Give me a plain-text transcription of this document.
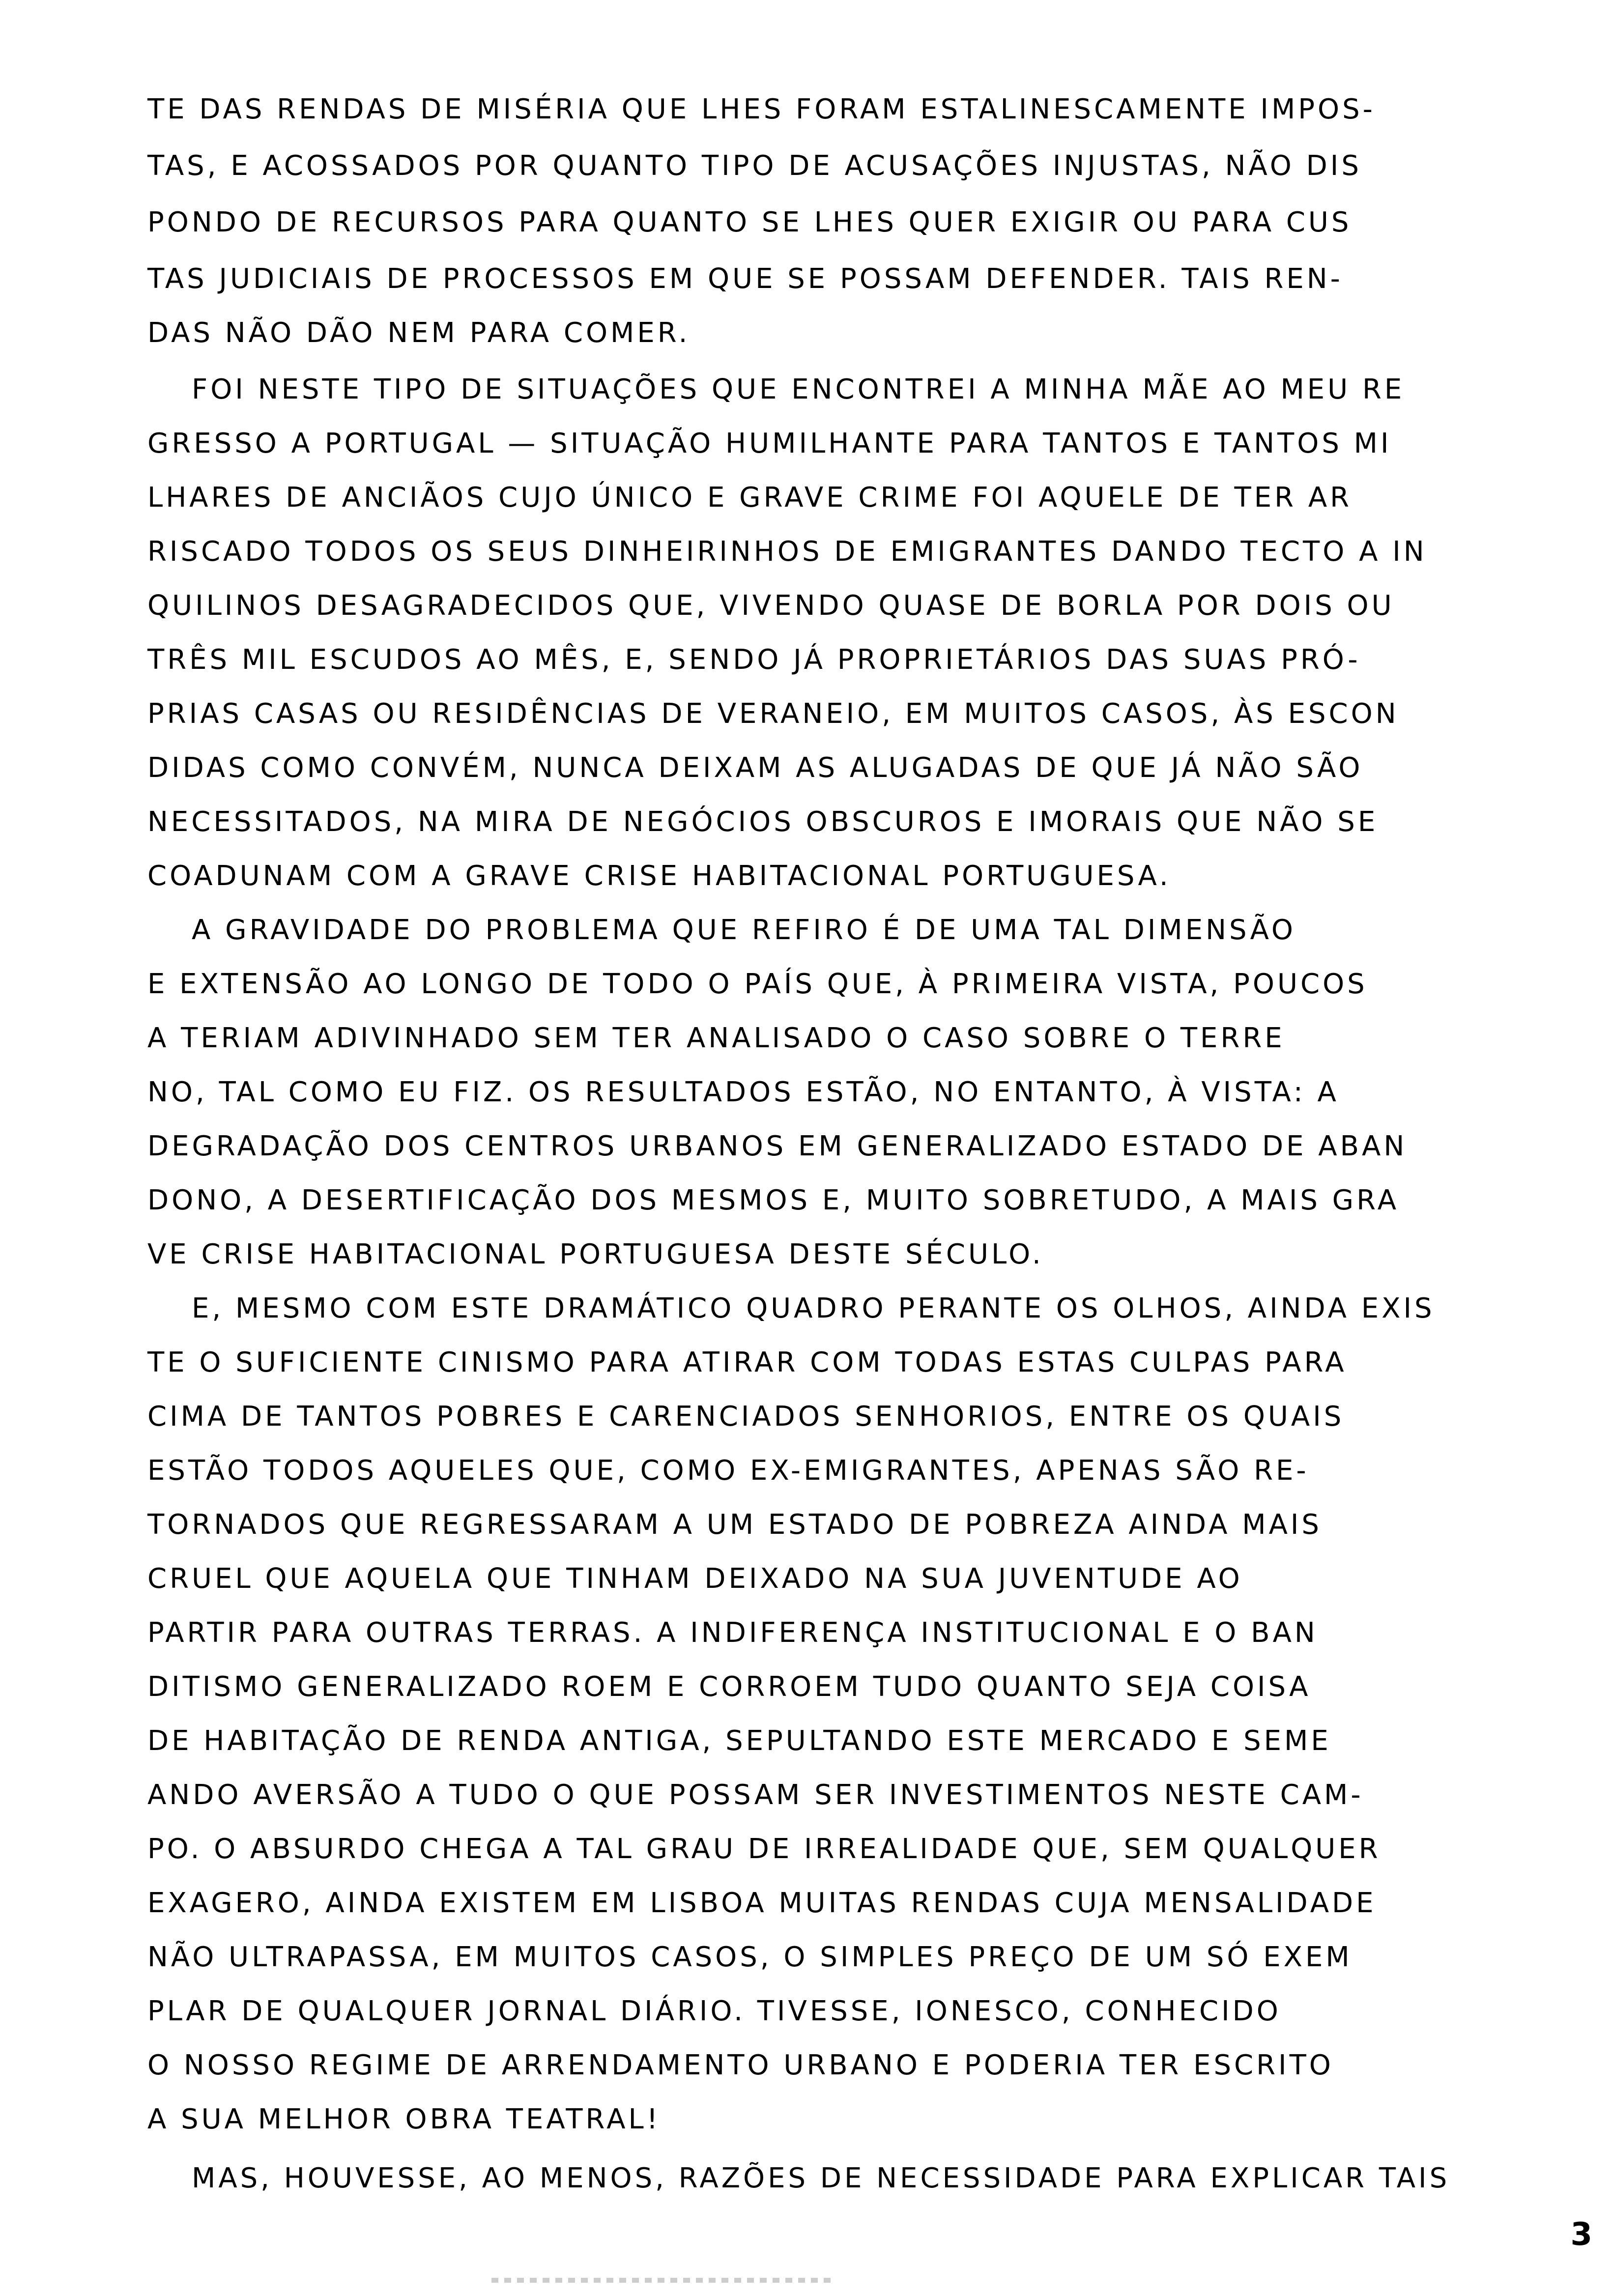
TE DAS RENDAS DE MISÉRIA QUE LHES FORAM ESTALINESCAMENTE IMPOS-
TAS, E ACOSSADOS POR QUANTO TIPO DE ACUSAÇÕES INJUSTAS, NÃO DIS
PONDO DE RECURSOS PARA QUANTO SE LHES QUER EXIGIR OU PARA CUS
TAS JUDICIAIS DE PROCESSOS EM QUE SE POSSAM DEFENDER. TAIS REN-
DAS NÃO DÃO NEM PARA COMER.
FOI NESTE TIPO DE SITUAÇÕES QUE ENCONTREI A MINHA MÃE AO MEU RE
GRESSO A PORTUGAL — SITUAÇÃO HUMILHANTE PARA TANTOS E TANTOS MI
LHARES DE ANCIÃOS CUJO ÚNICO E GRAVE CRIME FOI AQUELE DE TER AR
RISCADO TODOS OS SEUS DINHEIRINHOS DE EMIGRANTES DANDO TECTO A IN
QUILINOS DESAGRADECIDOS QUE, VIVENDO QUASE DE BORLA POR DOIS OU
TRÊS MIL ESCUDOS AO MÊS, E, SENDO JÁ PROPRIETÁRIOS DAS SUAS PRÓ-
PRIAS CASAS OU RESIDÊNCIAS DE VERANEIO, EM MUITOS CASOS, ÀS ESCON
DIDAS COMO CONVÉM, NUNCA DEIXAM AS ALUGADAS DE QUE JÁ NÃO SÃO
NECESSITADOS, NA MIRA DE NEGÓCIOS OBSCUROS E IMORAIS QUE NÃO SE
COADUNAM COM A GRAVE CRISE HABITACIONAL PORTUGUESA.
A GRAVIDADE DO PROBLEMA QUE REFIRO É DE UMA TAL DIMENSÃO
E EXTENSÃO AO LONGO DE TODO O PAÍS QUE, À PRIMEIRA VISTA, POUCOS
A TERIAM ADIVINHADO SEM TER ANALISADO O CASO SOBRE O TERRE
NO, TAL COMO EU FIZ. OS RESULTADOS ESTÃO, NO ENTANTO, À VISTA: A
DEGRADAÇÃO DOS CENTROS URBANOS EM GENERALIZADO ESTADO DE ABAN
DONO, A DESERTIFICAÇÃO DOS MESMOS E, MUITO SOBRETUDO, A MAIS GRA
VE CRISE HABITACIONAL PORTUGUESA DESTE SÉCULO.
E, MESMO COM ESTE DRAMÁTICO QUADRO PERANTE OS OLHOS, AINDA EXIS
TE O SUFICIENTE CINISMO PARA ATIRAR COM TODAS ESTAS CULPAS PARA
CIMA DE TANTOS POBRES E CARENCIADOS SENHORIOS, ENTRE OS QUAIS
ESTÃO TODOS AQUELES QUE, COMO EX-EMIGRANTES, APENAS SÃO RE-
TORNADOS QUE REGRESSARAM A UM ESTADO DE POBREZA AINDA MAIS
CRUEL QUE AQUELA QUE TINHAM DEIXADO NA SUA JUVENTUDE AO
PARTIR PARA OUTRAS TERRAS. A INDIFERENÇA INSTITUCIONAL E O BAN
DITISMO GENERALIZADO ROEM E CORROEM TUDO QUANTO SEJA COISA
DE HABITAÇÃO DE RENDA ANTIGA, SEPULTANDO ESTE MERCADO E SEME
ANDO AVERSÃO A TUDO O QUE POSSAM SER INVESTIMENTOS NESTE CAM-
PO. O ABSURDO CHEGA A TAL GRAU DE IRREALIDADE QUE, SEM QUALQUER
EXAGERO, AINDA EXISTEM EM LISBOA MUITAS RENDAS CUJA MENSALIDADE
NÃO ULTRAPASSA, EM MUITOS CASOS, O SIMPLES PREÇO DE UM SÓ EXEM
PLAR DE QUALQUER JORNAL DIÁRIO. TIVESSE, IONESCO, CONHECIDO
O NOSSO REGIME DE ARRENDAMENTO URBANO E PODERIA TER ESCRITO
A SUA MELHOR OBRA TEATRAL!
MAS, HOUVESSE, AO MENOS, RAZÕES DE NECESSIDADE PARA EXPLICAR TAIS
3
